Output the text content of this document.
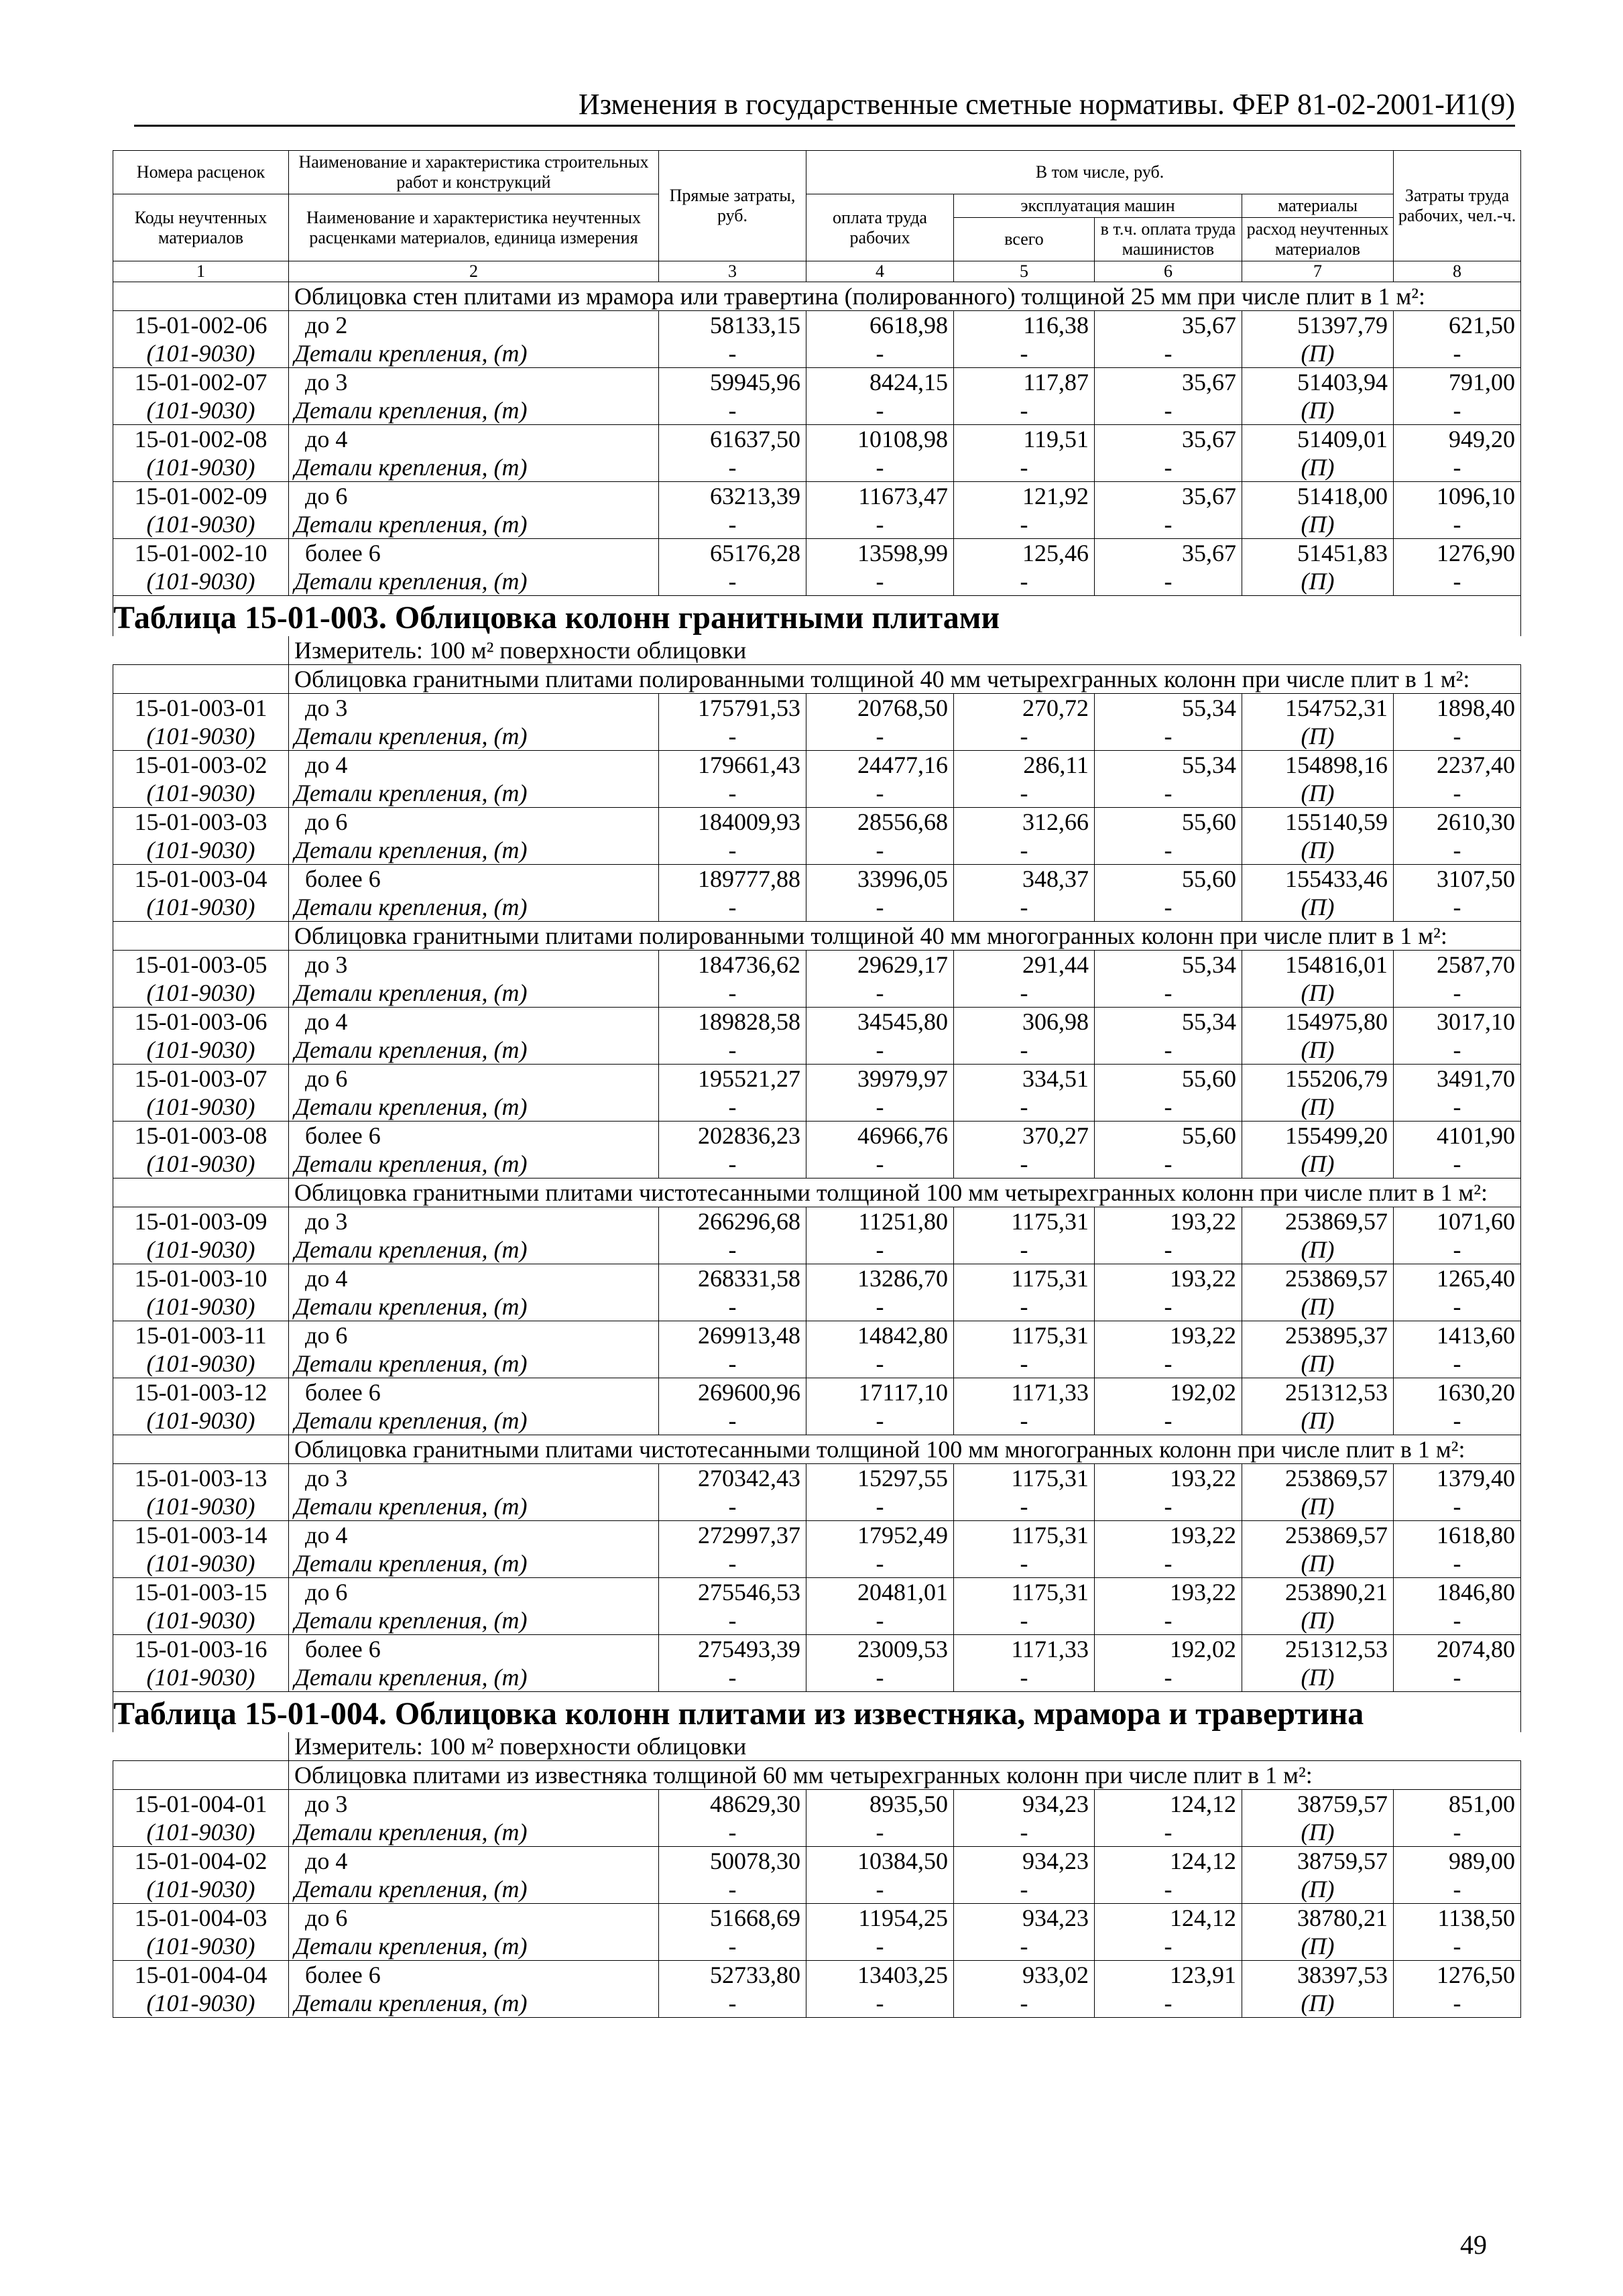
Изменения в государственные сметные нормативы. ФЕР 81-02-2001-И1(9)
Номера расценок	Наименование и характеристика строительных работ и конструкций	Прямые затраты, руб.	В том числе, руб.				Затраты труда рабочих, чел.-ч.
Коды неучтенных материалов	Наименование и характеристика неучтенных расценками материалов, единица измерения		оплата труда рабочих	эксплуатация машин		материалы	
				всего	в т.ч. оплата труда машинистов	расход неучтенных материалов	
1	2	3	4	5	6	7	8
	Облицовка стен плитами из мрамора или травертина (полированного) толщиной 25 мм при числе плит в 1 м²:						
15-01-002-06	до 2	58133,15	6618,98	116,38	35,67	51397,79	621,50
(101-9030)	Детали крепления, (т)	-	-	-	-	(П)	-
15-01-002-07	до 3	59945,96	8424,15	117,87	35,67	51403,94	791,00
(101-9030)	Детали крепления, (т)	-	-	-	-	(П)	-
15-01-002-08	до 4	61637,50	10108,98	119,51	35,67	51409,01	949,20
(101-9030)	Детали крепления, (т)	-	-	-	-	(П)	-
15-01-002-09	до 6	63213,39	11673,47	121,92	35,67	51418,00	1096,10
(101-9030)	Детали крепления, (т)	-	-	-	-	(П)	-
15-01-002-10	более 6	65176,28	13598,99	125,46	35,67	51451,83	1276,90
(101-9030)	Детали крепления, (т)	-	-	-	-	(П)	-
Таблица 15-01-003. Облицовка колонн гранитными плитами							
	Измеритель: 100 м² поверхности облицовки						
	Облицовка гранитными плитами полированными толщиной 40 мм четырехгранных колонн при числе плит в 1 м²:						
15-01-003-01	до 3	175791,53	20768,50	270,72	55,34	154752,31	1898,40
(101-9030)	Детали крепления, (т)	-	-	-	-	(П)	-
15-01-003-02	до 4	179661,43	24477,16	286,11	55,34	154898,16	2237,40
(101-9030)	Детали крепления, (т)	-	-	-	-	(П)	-
15-01-003-03	до 6	184009,93	28556,68	312,66	55,60	155140,59	2610,30
(101-9030)	Детали крепления, (т)	-	-	-	-	(П)	-
15-01-003-04	более 6	189777,88	33996,05	348,37	55,60	155433,46	3107,50
(101-9030)	Детали крепления, (т)	-	-	-	-	(П)	-
	Облицовка гранитными плитами полированными толщиной 40 мм многогранных колонн при числе плит в 1 м²:						
15-01-003-05	до 3	184736,62	29629,17	291,44	55,34	154816,01	2587,70
(101-9030)	Детали крепления, (т)	-	-	-	-	(П)	-
15-01-003-06	до 4	189828,58	34545,80	306,98	55,34	154975,80	3017,10
(101-9030)	Детали крепления, (т)	-	-	-	-	(П)	-
15-01-003-07	до 6	195521,27	39979,97	334,51	55,60	155206,79	3491,70
(101-9030)	Детали крепления, (т)	-	-	-	-	(П)	-
15-01-003-08	более 6	202836,23	46966,76	370,27	55,60	155499,20	4101,90
(101-9030)	Детали крепления, (т)	-	-	-	-	(П)	-
	Облицовка гранитными плитами чистотесанными толщиной 100 мм четырехгранных колонн при числе плит в 1 м²:						
15-01-003-09	до 3	266296,68	11251,80	1175,31	193,22	253869,57	1071,60
(101-9030)	Детали крепления, (т)	-	-	-	-	(П)	-
15-01-003-10	до 4	268331,58	13286,70	1175,31	193,22	253869,57	1265,40
(101-9030)	Детали крепления, (т)	-	-	-	-	(П)	-
15-01-003-11	до 6	269913,48	14842,80	1175,31	193,22	253895,37	1413,60
(101-9030)	Детали крепления, (т)	-	-	-	-	(П)	-
15-01-003-12	более 6	269600,96	17117,10	1171,33	192,02	251312,53	1630,20
(101-9030)	Детали крепления, (т)	-	-	-	-	(П)	-
	Облицовка гранитными плитами чистотесанными толщиной 100 мм многогранных колонн при числе плит в 1 м²:						
15-01-003-13	до 3	270342,43	15297,55	1175,31	193,22	253869,57	1379,40
(101-9030)	Детали крепления, (т)	-	-	-	-	(П)	-
15-01-003-14	до 4	272997,37	17952,49	1175,31	193,22	253869,57	1618,80
(101-9030)	Детали крепления, (т)	-	-	-	-	(П)	-
15-01-003-15	до 6	275546,53	20481,01	1175,31	193,22	253890,21	1846,80
(101-9030)	Детали крепления, (т)	-	-	-	-	(П)	-
15-01-003-16	более 6	275493,39	23009,53	1171,33	192,02	251312,53	2074,80
(101-9030)	Детали крепления, (т)	-	-	-	-	(П)	-
Таблица 15-01-004. Облицовка колонн плитами из известняка, мрамора и травертина							
	Измеритель: 100 м² поверхности облицовки						
	Облицовка плитами из известняка толщиной 60 мм четырехгранных колонн при числе плит в 1 м²:						
15-01-004-01	до 3	48629,30	8935,50	934,23	124,12	38759,57	851,00
(101-9030)	Детали крепления, (т)	-	-	-	-	(П)	-
15-01-004-02	до 4	50078,30	10384,50	934,23	124,12	38759,57	989,00
(101-9030)	Детали крепления, (т)	-	-	-	-	(П)	-
15-01-004-03	до 6	51668,69	11954,25	934,23	124,12	38780,21	1138,50
(101-9030)	Детали крепления, (т)	-	-	-	-	(П)	-
15-01-004-04	более 6	52733,80	13403,25	933,02	123,91	38397,53	1276,50
(101-9030)	Детали крепления, (т)	-	-	-	-	(П)	-
49
